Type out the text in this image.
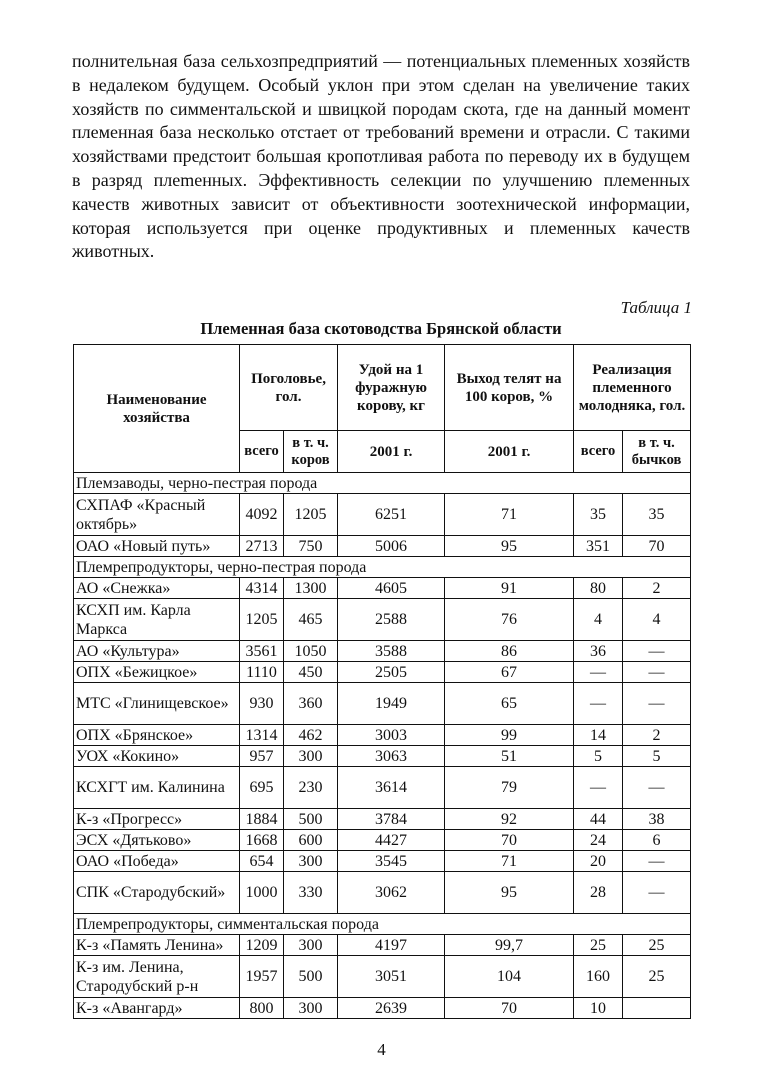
полнительная база сельхозпредприятий — потенциальных племенных хозяйств в недалеком будущем. Особый уклон при этом сделан на увеличение таких хозяйств по симментальской и швицкой породам скота, где на данный момент племенная база несколько отстает от требований времени и отрасли. С такими хозяйствами предстоит большая кропотливая работа по переводу их в будущем в разряд плеmенных. Эффективность селекции по улучшению племенных качеств животных зависит от объективности зоотехнической информации, которая используется при оценке продуктивных и племенных качеств животных.

Таблица 1

Племенная база скотоводства Брянской области

Наименование хозяйства	Поголовье, гол.		Удой на 1 фуражную корову, кг	Выход телят на 100 коров, %	Реализация племенного молодняка, гол.	
	всего	в т. ч. коров	2001 г.	2001 г.	всего	в т. ч. бычков
Племзаводы, черно-пестрая порода						
СХПАФ «Красный октябрь»	4092	1205	6251	71	35	35
ОАО «Новый путь»	2713	750	5006	95	351	70
Племрепродукторы, черно-пестрая порода						
АО «Снежка»	4314	1300	4605	91	80	2
КСХП им. Карла Маркса	1205	465	2588	76	4	4
АО «Культура»	3561	1050	3588	86	36	—
ОПХ «Бежицкое»	1110	450	2505	67	—	—
МТС «Глинищевское»	930	360	1949	65	—	—
ОПХ «Брянское»	1314	462	3003	99	14	2
УОХ «Кокино»	957	300	3063	51	5	5
КСХГТ им. Калинина	695	230	3614	79	—	—
К-з «Прогресс»	1884	500	3784	92	44	38
ЭСХ «Дятьково»	1668	600	4427	70	24	6
ОАО «Победа»	654	300	3545	71	20	—
СПК «Стародубский»	1000	330	3062	95	28	—
Племрепродукторы, симментальская порода						
К-з «Память Ленина»	1209	300	4197	99,7	25	25
К-з им. Ленина, Стародубский р-н	1957	500	3051	104	160	25
К-з «Авангард»	800	300	2639	70	10	

4
